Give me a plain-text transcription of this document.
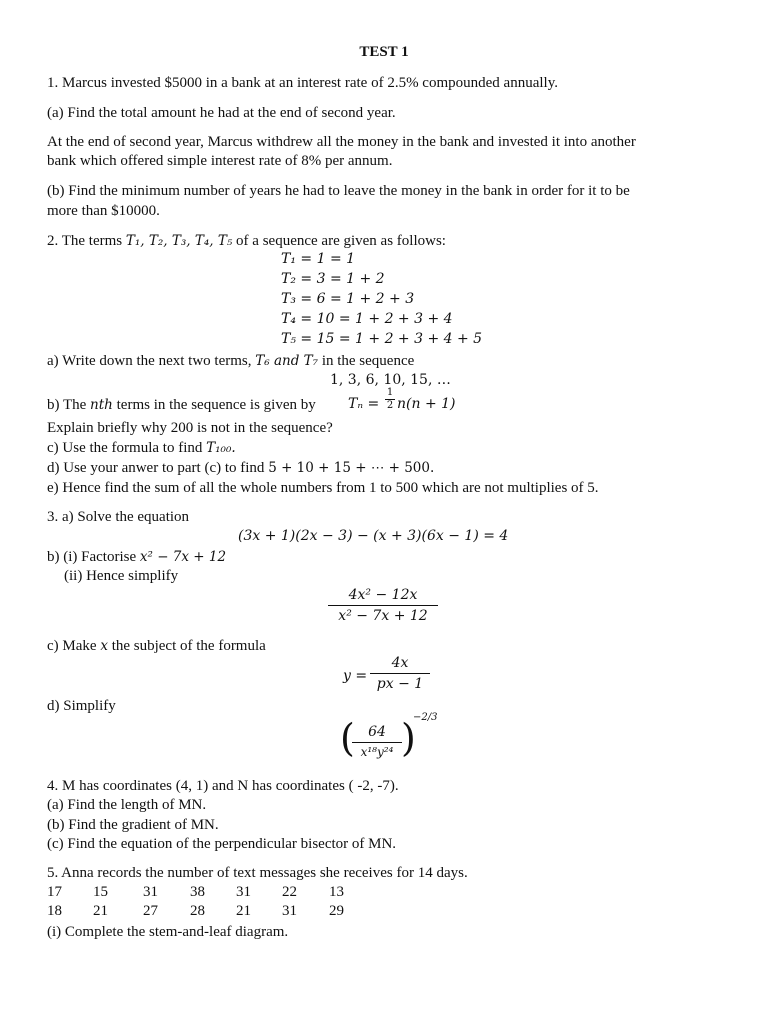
TEST 1
1. Marcus invested $5000 in a bank at an interest rate of 2.5% compounded annually.
(a) Find the total amount he had at the end of second year.
At the end of second year, Marcus withdrew all the money in the bank and invested it into another
bank which offered simple interest rate of 8% per annum.
(b) Find the minimum number of years he had to leave the money in the bank in order for it to be
more than $10000.
2. The terms T₁, T₂, T₃, T₄, T₅ of a sequence are given as follows:
T₁ = 1 = 1
T₂ = 3 = 1 + 2
T₃ = 6 = 1 + 2 + 3
T₄ = 10 = 1 + 2 + 3 + 4
T₅ = 15 = 1 + 2 + 3 + 4 + 5
a) Write down the next two terms, T₆ and T₇ in the sequence
1, 3, 6, 10, 15, …
b) The nth terms in the sequence is given by Tₙ =
1
2 n(n + 1)
Explain briefly why 200 is not in the sequence?
c) Use the formula to find T₁₀₀.
d) Use your anwer to part (c) to find 5 + 10 + 15 + ⋯ + 500.
e) Hence find the sum of all the whole numbers from 1 to 500 which are not multiplies of 5.
3. a) Solve the equation
(3x + 1)(2x − 3) − (x + 3)(6x − 1) = 4
b) (i) Factorise x² − 7x + 12
(ii) Hence simplify
4x² − 12x
x² − 7x + 12
c) Make x the subject of the formula
y =
4x
px − 1
d) Simplify
( 64
x¹⁸y²⁴ )
−2/3
4. M has coordinates (4, 1) and N has coordinates ( -2, -7).
(a) Find the length of MN.
(b) Find the gradient of MN.
(c) Find the equation of the perpendicular bisector of MN.
5. Anna records the number of text messages she receives for 14 days.
17 15 31 38 31 22 13
18 21 27 28 21 31 29
(i) Complete the stem-and-leaf diagram.
